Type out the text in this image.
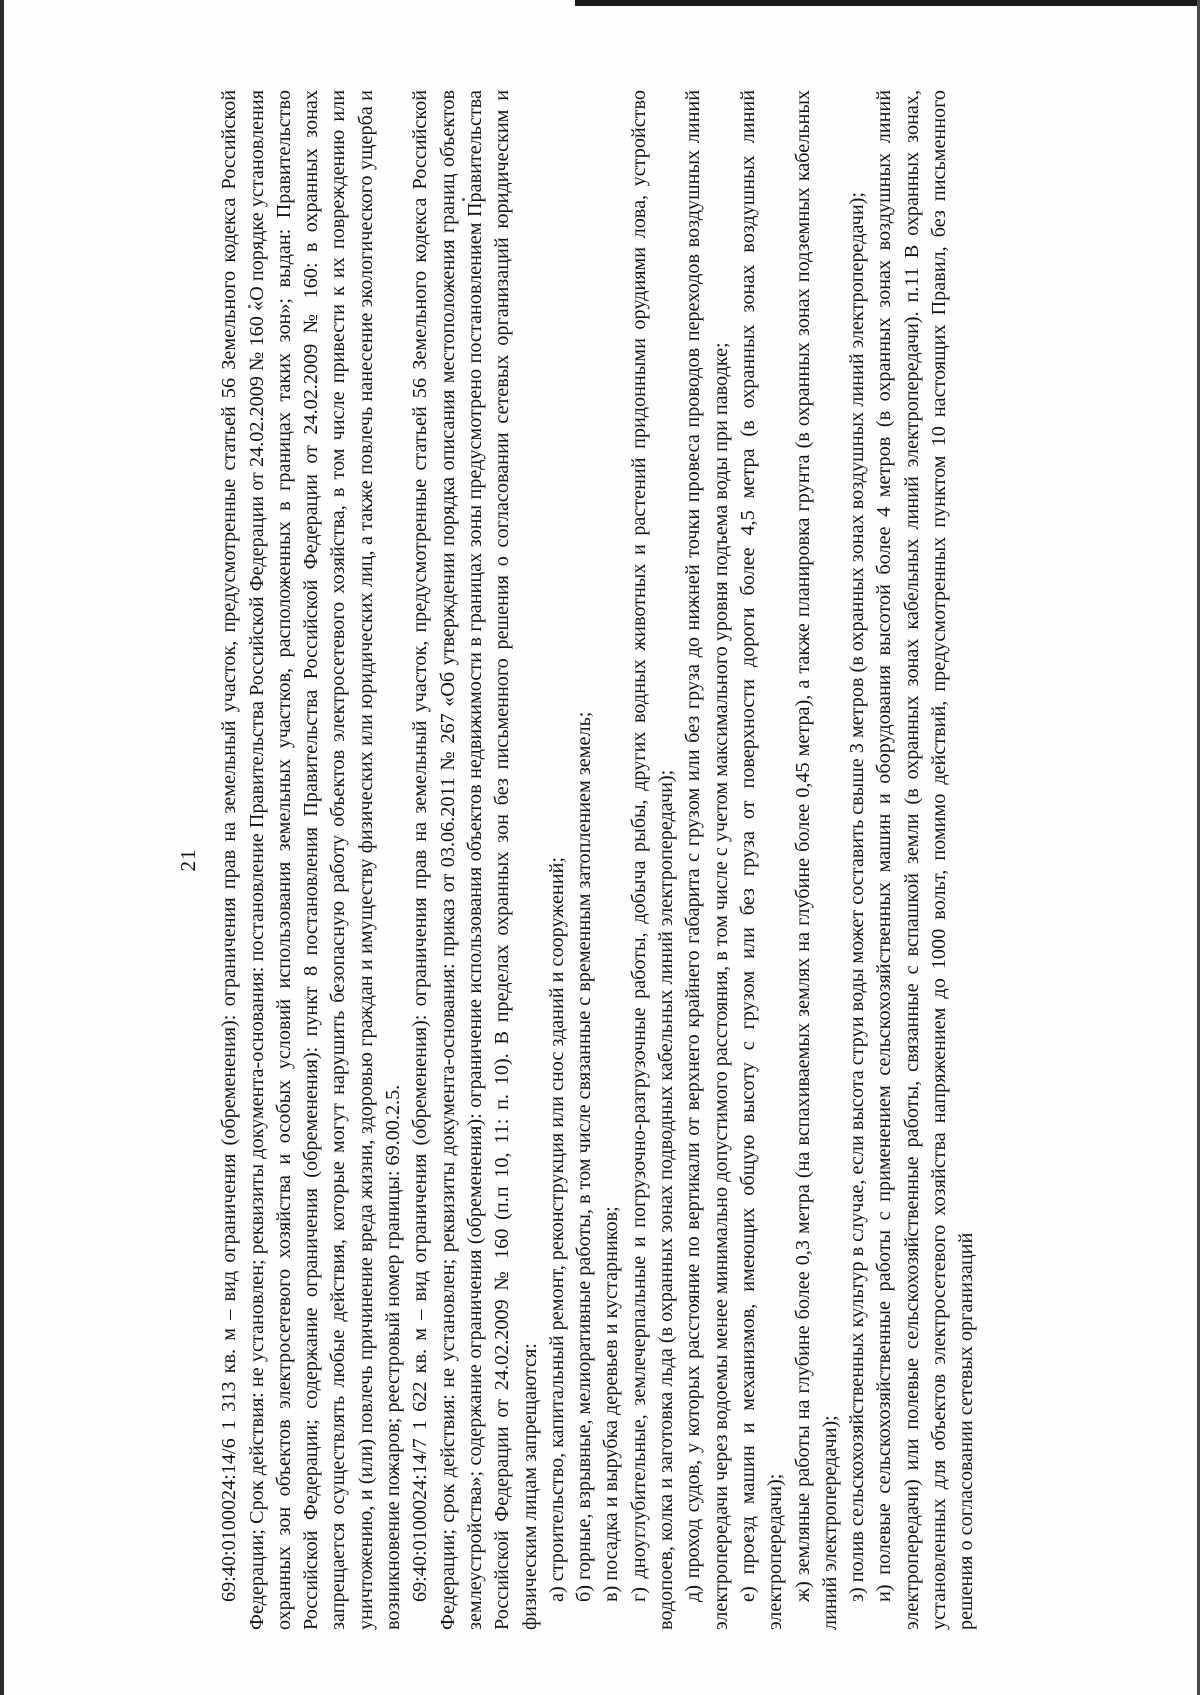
21 69:40:0100024:14/6 1 313 кв. м – вид ограничения (обременения): ограничения прав на земельный участок, предусмотренные статьей 56 Земельного кодекса Российской Федерации; Срок действия: не установлен; реквизиты документа-основания: постановление Правительства Российской Федерации от 24.02.2009 № 160 «О порядке установления охранных зон объектов электросетевого хозяйства и особых условий использования земельных участков, расположенных в границах таких зон»; выдан: Правительство Российской Федерации; содержание ограничения (обременения): пункт 8 постановления Правительства Российской Федерации от 24.02.2009 № 160: в охранных зонах запрещается осуществлять любые действия, которые могут нарушить безопасную работу объектов электросетевого хозяйства, в том числе привести к их повреждению или уничтожению, и (или) повлечь причинение вреда жизни, здоровью граждан и имуществу физических или юридических лиц, а также повлечь нанесение экологического ущерба и возникновение пожаров; реестровый номер границы: 69.00.2.5. 69:40:0100024:14/7 1 622 кв. м – вид ограничения (обременения): ограничения прав на земельный участок, предусмотренные статьей 56 Земельного кодекса Российской Федерации; срок действия: не установлен; реквизиты документа-основания: приказ от 03.06.2011 № 267 «Об утверждении порядка описания местоположения границ объектов землеустройства»; содержание ограничения (обременения): ограничение использования объектов недвижимости в границах зоны предусмотрено постановлением Правительства Российской Федерации от 24.02.2009 № 160 (п.п 10, 11: п. 10). В пределах охранных зон без письменного решения о согласовании сетевых организаций юридическим и физическим лицам запрещаются: а) строительство, капитальный ремонт, реконструкция или снос зданий и сооружений; б) горные, взрывные, мелиоративные работы, в том числе связанные с временным затоплением земель; в) посадка и вырубка деревьев и кустарников; г) дноуглубительные, землечерпальные и погрузочно-разгрузочные работы, добыча рыбы, других водных животных и растений придонными орудиями лова, устройство водопоев, колка и заготовка льда (в охранных зонах подводных кабельных линий электропередачи); д) проход судов, у которых расстояние по вертикали от верхнего крайнего габарита с грузом или без груза до нижней точки провеса проводов переходов воздушных линий электропередачи через водоемы менее минимально допустимого расстояния, в том числе с учетом максимального уровня подъема воды при паводке; е) проезд машин и механизмов, имеющих общую высоту с грузом или без груза от поверхности дороги более 4,5 метра (в охранных зонах воздушных линий электропередачи); ж) земляные работы на глубине более 0,3 метра (на вспахиваемых землях на глубине более 0,45 метра), а также планировка грунта (в охранных зонах подземных кабельных линий электропередачи); з) полив сельскохозяйственных культур в случае, если высота струи воды может составить свыше 3 метров (в охранных зонах воздушных линий электропередачи); и) полевые сельскохозяйственные работы с применением сельскохозяйственных машин и оборудования высотой более 4 метров (в охранных зонах воздушных линий электропередачи) или полевые сельскохозяйственные работы, связанные с вспашкой земли (в охранных зонах кабельных линий электропередачи). п.11 В охранных зонах, установленных для объектов электросетевого хозяйства напряжением до 1000 вольт, помимо действий, предусмотренных пунктом 10 настоящих Правил, без письменного решения о согласовании сетевых организаций
